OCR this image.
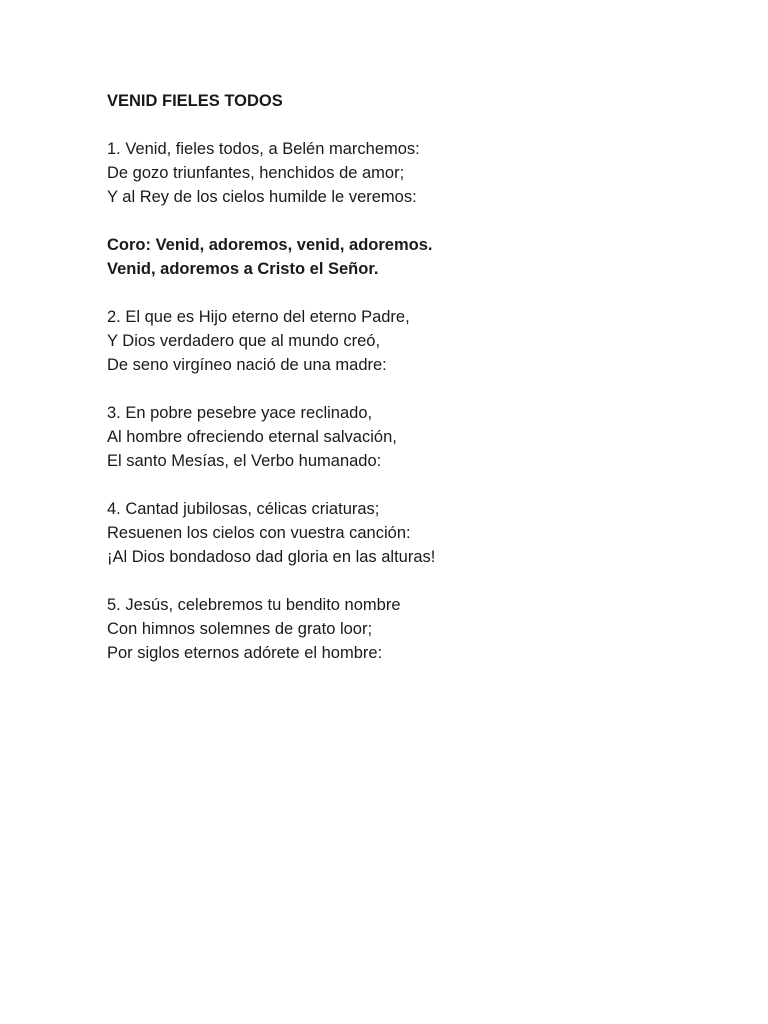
VENID FIELES TODOS
1. Venid, fieles todos, a Belén marchemos:
De gozo triunfantes, henchidos de amor;
Y al Rey de los cielos humilde le veremos:
Coro: Venid, adoremos, venid, adoremos.
Venid, adoremos a Cristo el Señor.
2. El que es Hijo eterno del eterno Padre,
Y Dios verdadero que al mundo creó,
De seno virgíneo nació de una madre:
3. En pobre pesebre yace reclinado,
Al hombre ofreciendo eternal salvación,
El santo Mesías, el Verbo humanado:
4. Cantad jubilosas, célicas criaturas;
Resuenen los cielos con vuestra canción:
¡Al Dios bondadoso dad gloria en las alturas!
5. Jesús, celebremos tu bendito nombre
Con himnos solemnes de grato loor;
Por siglos eternos adórete el hombre:
